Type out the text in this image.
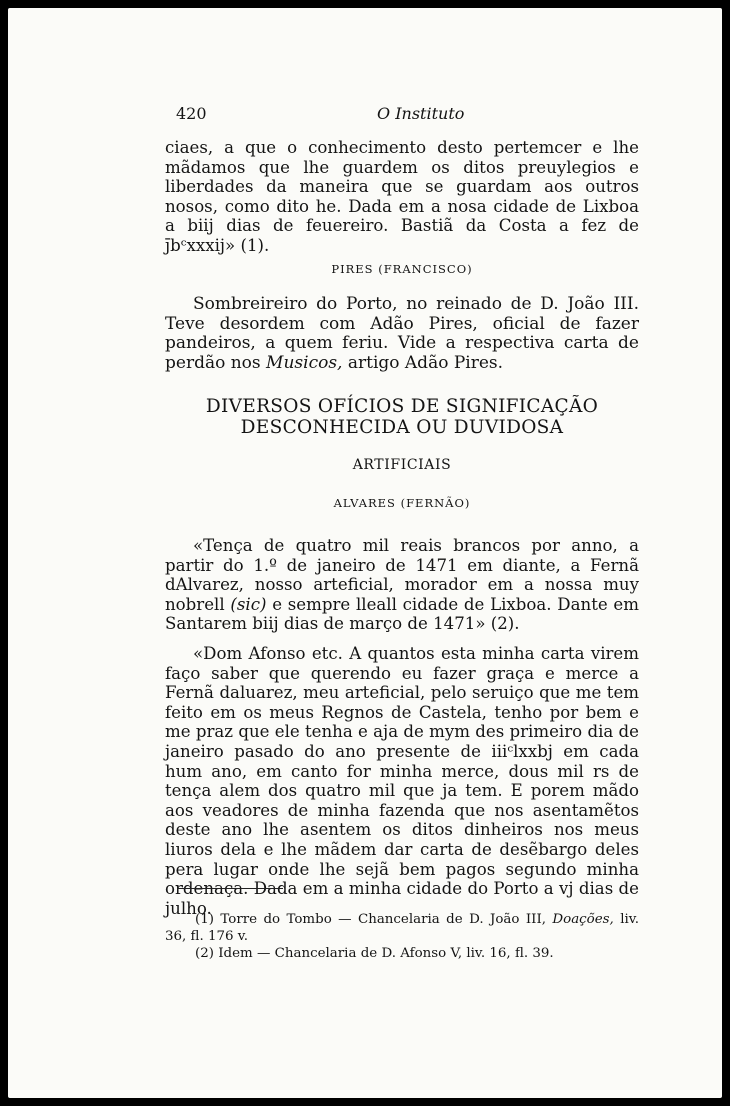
420	O Instituto

ciaes, a que o conhecimento desto pertemcer e lhe mãdamos que lhe guardem os ditos preuylegios e liberdades da maneira que se guardam aos outros nosos, como dito he. Dada em a nosa cidade de Lixboa a biij dias de feuereiro. Bastiã da Costa a fez de j̄bᶜxxxij» (1).

PIRES (FRANCISCO)

Sombreireiro do Porto, no reinado de D. João III. Teve desordem com Adão Pires, oficial de fazer pandeiros, a quem feriu. Vide a respectiva carta de perdão nos Musicos, artigo Adão Pires.

DIVERSOS OFÍCIOS DE SIGNIFICAÇÃO
DESCONHECIDA OU DUVIDOSA

ARTIFICIAIS

ALVARES (FERNÃO)

«Tença de quatro mil reais brancos por anno, a partir do 1.º de janeiro de 1471 em diante, a Fernã dAlvarez, nosso arteficial, morador em a nossa muy nobrell (sic) e sempre lleall cidade de Lixboa. Dante em Santarem biij dias de março de 1471» (2).

«Dom Afonso etc. A quantos esta minha carta virem faço saber que querendo eu fazer graça e merce a Fernã daluarez, meu arteficial, pelo seruiço que me tem feito em os meus Regnos de Castela, tenho por bem e me praz que ele tenha e aja de mym des primeiro dia de janeiro pasado do ano presente de iiiᶜlxxbj em cada hum ano, em canto for minha merce, dous mil rs de tença alem dos quatro mil que ja tem. E porem mãdo aos veadores de minha fazenda que nos asentamẽtos deste ano lhe asentem os ditos dinheiros nos meus liuros dela e lhe mãdem dar carta de desẽbargo deles pera lugar onde lhe sejã bem pagos segundo minha ordenaça. Dada em a minha cidade do Porto a vj dias de julho.

(1) Torre do Tombo — Chancelaria de D. João III, Doações, liv. 36, fl. 176 v.

(2) Idem — Chancelaria de D. Afonso V, liv. 16, fl. 39.
